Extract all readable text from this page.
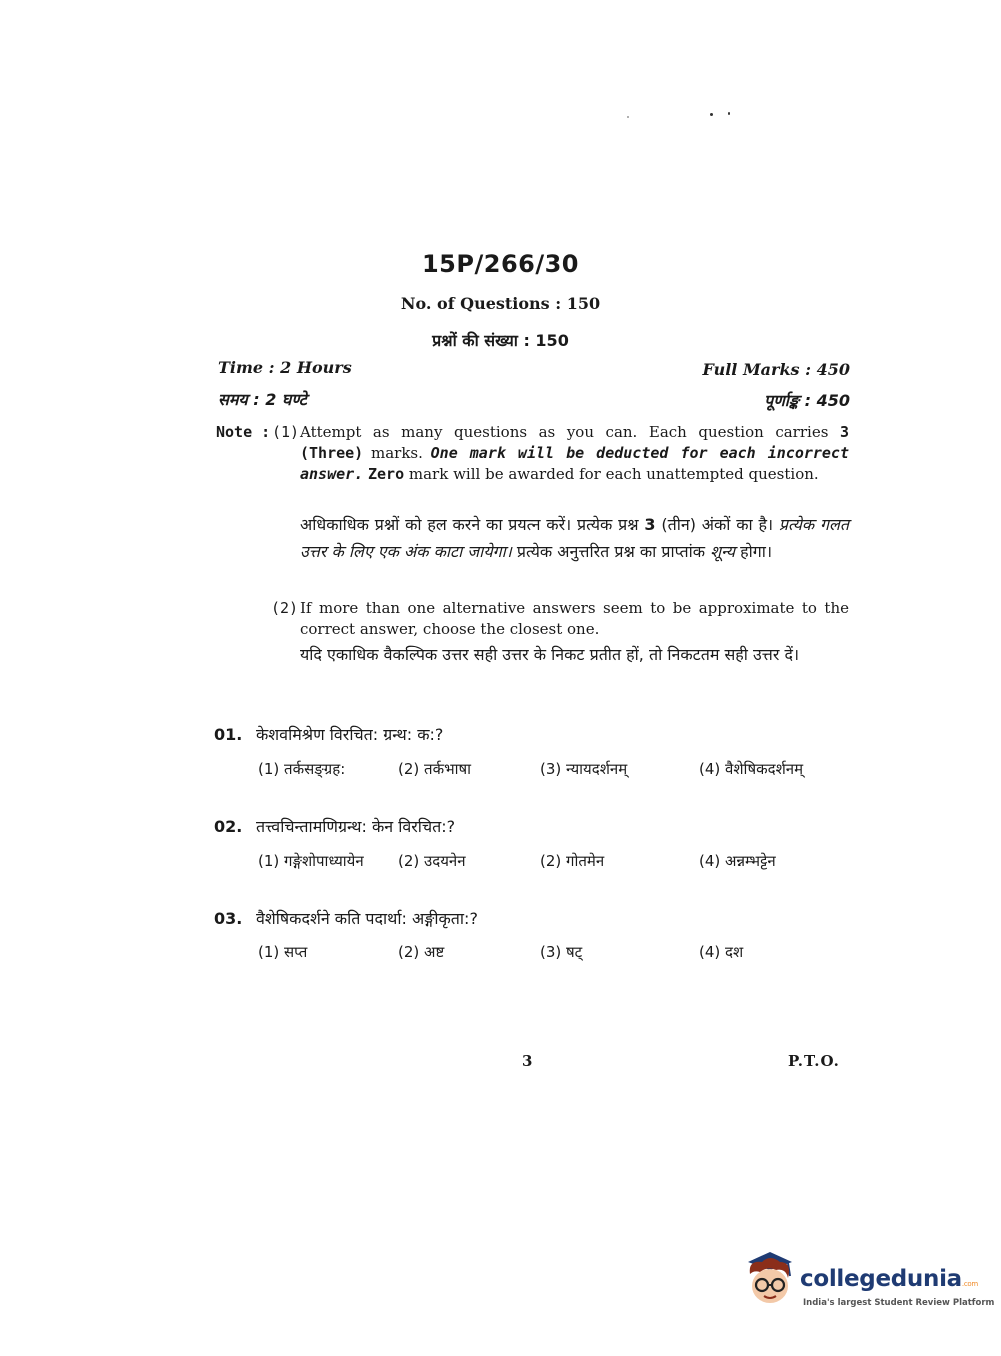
15P/266/30
No. of Questions : 150
प्रश्नों की संख्या : 150
Time : 2 Hours
समय : 2 घण्टे
Full Marks : 450
पूर्णाङ्क : 450
Note : (1) Attempt as many questions as you can. Each question carries 3 (Three) marks. One mark will be deducted for each incorrect answer. Zero mark will be awarded for each unattempted question.
अधिकाधिक प्रश्नों को हल करने का प्रयत्न करें। प्रत्येक प्रश्न 3 (तीन) अंकों का है। प्रत्येक गलत उत्तर के लिए एक अंक काटा जायेगा। प्रत्येक अनुत्तरित प्रश्न का प्राप्तांक शून्य होगा।
(2) If more than one alternative answers seem to be approximate to the correct answer, choose the closest one.
यदि एकाधिक वैकल्पिक उत्तर सही उत्तर के निकट प्रतीत हों, तो निकटतम सही उत्तर दें।
01. केशवमिश्रेण विरचित: ग्रन्थ: क:?
(1) तर्कसङ्ग्रह:	(2) तर्कभाषा	(3) न्यायदर्शनम्	(4) वैशेषिकदर्शनम्
02. तत्त्वचिन्तामणिग्रन्थ: केन विरचित:?
(1) गङ्गेशोपाध्यायेन (2) उदयनेन	(2) गोतमेन	(4) अन्नम्भट्टेन
03. वैशेषिकदर्शने कति पदार्था: अङ्गीकृता:?
(1) सप्त	(2) अष्ट	(3) षट्	(4) दश
3	P.T.O.
collegedunia.com
India's largest Student Review Platform
